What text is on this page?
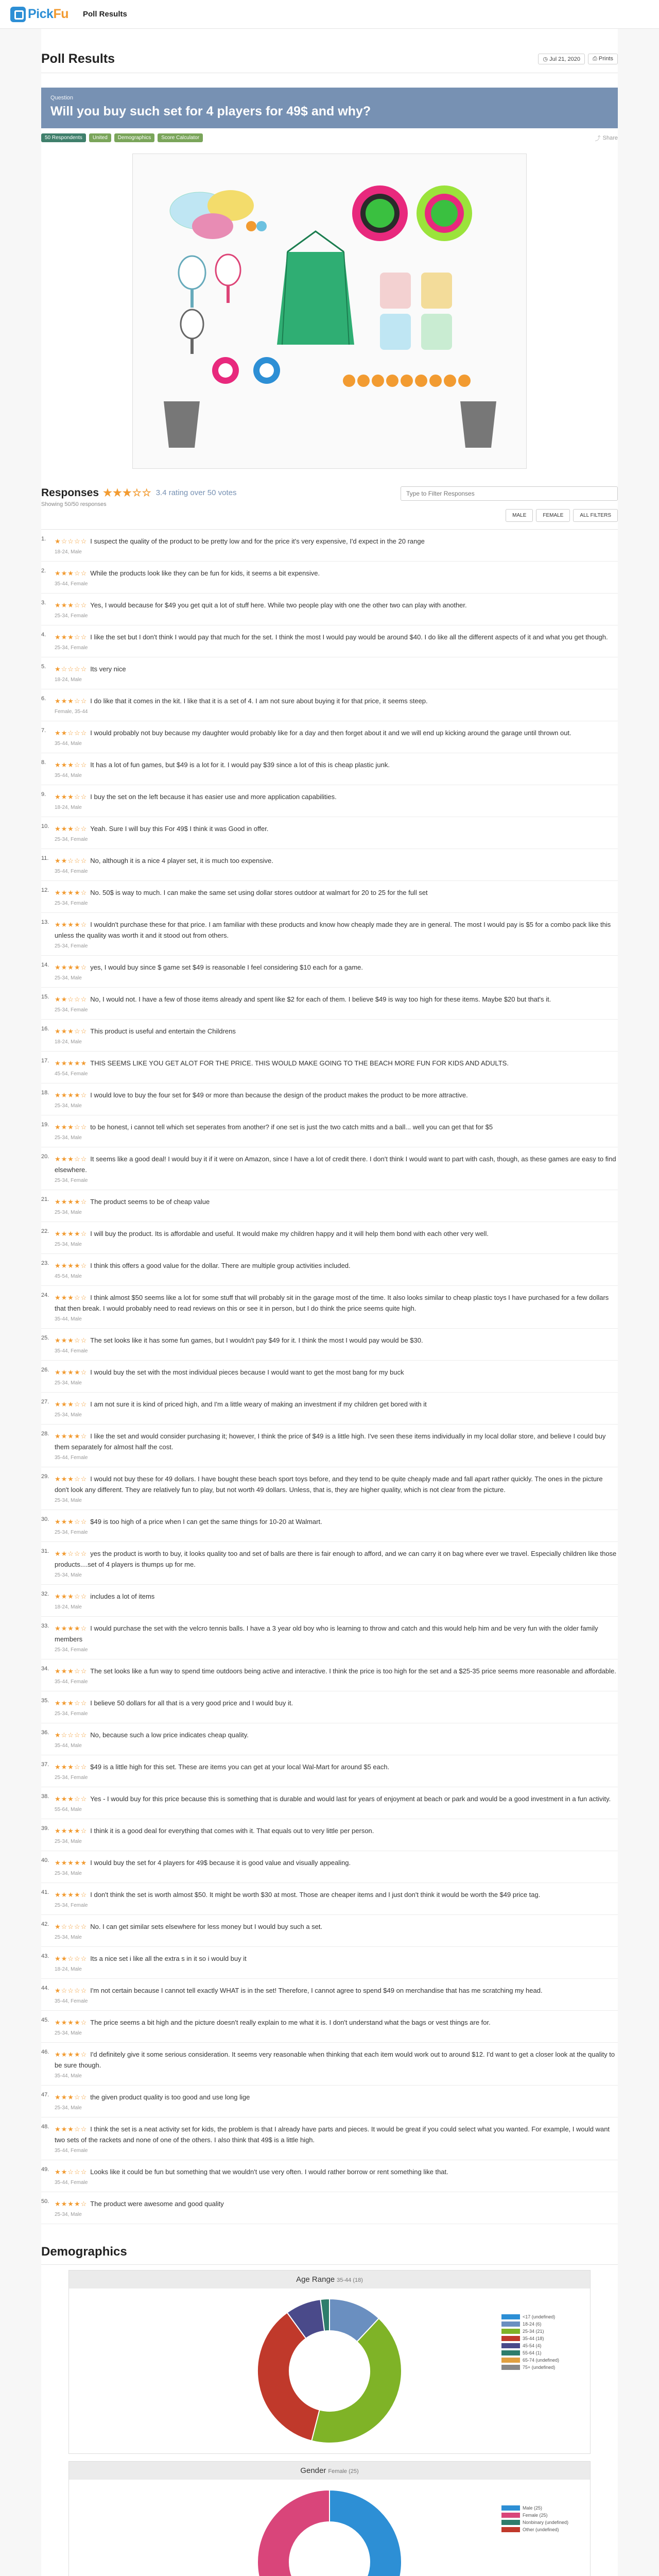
PickFu Poll Results
Poll Results	◷ Jul 21, 2020	⎙ Prints
Question
Will you buy such set for 4 players for 49$ and why?
50 Respondents	United	Demographics	Score Calculator	⤴ Share
Responses ★★★☆☆ 3.4 rating over 50 votes
Showing 50/50 responses
Type to Filter Responses
MALE	FEMALE	ALL FILTERS
1. ★☆☆☆☆ I suspect the quality of the product to be pretty low and for the price it's very expensive, I'd expect in the 20 range
18-24, Male
2. ★★★☆☆ While the products look like they can be fun for kids, it seems a bit expensive.
35-44, Female
3. ★★★☆☆ Yes, I would because for $49 you get quit a lot of stuff here. While two people play with one the other two can play with another.
25-34, Female
4. ★★★☆☆ I like the set but I don't think I would pay that much for the set. I think the most I would pay would be around $40. I do like all the different aspects of it and what you get though.
25-34, Female
5. ★☆☆☆☆ Its very nice
18-24, Male
6. ★★★☆☆ I do like that it comes in the kit. I like that it is a set of 4. I am not sure about buying it for that price, it seems steep.
Female, 35-44
7. ★★☆☆☆ I would probably not buy because my daughter would probably like for a day and then forget about it and we will end up kicking around the garage until thrown out.
35-44, Male
8. ★★★☆☆ It has a lot of fun games, but $49 is a lot for it. I would pay $39 since a lot of this is cheap plastic junk.
35-44, Male
9. ★★★☆☆ I buy the set on the left because it has easier use and more application capabilities.
18-24, Male
10. ★★★☆☆ Yeah. Sure I will buy this For 49$ I think it was Good in offer.
25-34, Female
11. ★★☆☆☆ No, although it is a nice 4 player set, it is much too expensive.
35-44, Female
12. ★★★★☆ No. 50$ is way to much. I can make the same set using dollar stores outdoor at walmart for 20 to 25 for the full set
25-34, Female
13. ★★★★☆ I wouldn't purchase these for that price. I am familiar with these products and know how cheaply made they are in general. The most I would pay is $5 for a combo pack like this unless the quality was worth it and it stood out from others.
25-34, Female
14. ★★★★☆ yes, I would buy since $ game set $49 is reasonable I feel considering $10 each for a game.
25-34, Male
15. ★★☆☆☆ No, I would not. I have a few of those items already and spent like $2 for each of them. I believe $49 is way too high for these items. Maybe $20 but that's it.
25-34, Female
16. ★★★☆☆ This product is useful and entertain the Childrens
18-24, Male
17. ★★★★★ THIS SEEMS LIKE YOU GET ALOT FOR THE PRICE. THIS WOULD MAKE GOING TO THE BEACH MORE FUN FOR KIDS AND ADULTS.
45-54, Female
18. ★★★★☆ I would love to buy the four set for $49 or more than because the design of the product makes the product to be more attractive.
25-34, Male
19. ★★★☆☆ to be honest, i cannot tell which set seperates from another? if one set is just the two catch mitts and a ball... well you can get that for $5
25-34, Male
20. ★★★☆☆ It seems like a good deal! I would buy it if it were on Amazon, since I have a lot of credit there. I don't think I would want to part with cash, though, as these games are easy to find elsewhere.
25-34, Female
21. ★★★★☆ The product seems to be of cheap value
25-34, Male
22. ★★★★☆ I will buy the product. Its is affordable and useful. It would make my children happy and it will help them bond with each other very well.
25-34, Male
23. ★★★★☆ I think this offers a good value for the dollar. There are multiple group activities included.
45-54, Male
24. ★★★☆☆ I think almost $50 seems like a lot for some stuff that will probably sit in the garage most of the time. It also looks similar to cheap plastic toys I have purchased for a few dollars that then break. I would probably need to read reviews on this or see it in person, but I do think the price seems quite high.
35-44, Male
25. ★★★☆☆ The set looks like it has some fun games, but I wouldn't pay $49 for it. I think the most I would pay would be $30.
35-44, Female
26. ★★★★☆ I would buy the set with the most individual pieces because I would want to get the most bang for my buck
25-34, Male
27. ★★★☆☆ I am not sure it is kind of priced high, and I'm a little weary of making an investment if my children get bored with it
25-34, Male
28. ★★★★☆ I like the set and would consider purchasing it; however, I think the price of $49 is a little high. I've seen these items individually in my local dollar store, and believe I could buy them separately for almost half the cost.
35-44, Female
29. ★★★☆☆ I would not buy these for 49 dollars. I have bought these beach sport toys before, and they tend to be quite cheaply made and fall apart rather quickly. The ones in the picture don't look any different. They are relatively fun to play, but not worth 49 dollars. Unless, that is, they are higher quality, which is not clear from the picture.
25-34, Male
30. ★★★☆☆ $49 is too high of a price when I can get the same things for 10-20 at Walmart.
25-34, Female
31. ★★☆☆☆ yes the product is worth to buy, it looks quality too and set of balls are there is fair enough to afford, and we can carry it on bag where ever we travel. Especially children like those products....set of 4 players is thumps up for me.
25-34, Male
32. ★★★☆☆ includes a lot of items
18-24, Male
33. ★★★★☆ I would purchase the set with the velcro tennis balls. I have a 3 year old boy who is learning to throw and catch and this would help him and be very fun with the older family members
25-34, Female
34. ★★★☆☆ The set looks like a fun way to spend time outdoors being active and interactive. I think the price is too high for the set and a $25-35 price seems more reasonable and affordable.
35-44, Female
35. ★★★☆☆ I believe 50 dollars for all that is a very good price and I would buy it.
25-34, Female
36. ★☆☆☆☆ No, because such a low price indicates cheap quality.
35-44, Male
37. ★★★☆☆ $49 is a little high for this set. These are items you can get at your local Wal-Mart for around $5 each.
25-34, Female
38. ★★★☆☆ Yes - I would buy for this price because this is something that is durable and would last for years of enjoyment at beach or park and would be a good investment in a fun activity.
55-64, Male
39. ★★★★☆ I think it is a good deal for everything that comes with it. That equals out to very little per person.
25-34, Male
40. ★★★★★ I would buy the set for 4 players for 49$ because it is good value and visually appealing.
25-34, Male
41. ★★★★☆ I don't think the set is worth almost $50. It might be worth $30 at most. Those are cheaper items and I just don't think it would be worth the $49 price tag.
25-34, Female
42. ★☆☆☆☆ No. I can get similar sets elsewhere for less money but I would buy such a set.
25-34, Male
43. ★★☆☆☆ Its a nice set i like all the extra s in it so i would buy it
18-24, Male
44. ★☆☆☆☆ I'm not certain because I cannot tell exactly WHAT is in the set! Therefore, I cannot agree to spend $49 on merchandise that has me scratching my head.
35-44, Female
45. ★★★★☆ The price seems a bit high and the picture doesn't really explain to me what it is. I don't understand what the bags or vest things are for.
25-34, Male
46. ★★★★☆ I'd definitely give it some serious consideration. It seems very reasonable when thinking that each item would work out to around $12. I'd want to get a closer look at the quality to be sure though.
35-44, Male
47. ★★★☆☆ the given product quality is too good and use long lige
25-34, Male
48. ★★★☆☆ I think the set is a neat activity set for kids, the problem is that I already have parts and pieces. It would be great if you could select what you wanted. For example, I would want two sets of the rackets and none of one of the others. I also think that 49$ is a little high.
35-44, Female
49. ★★☆☆☆ Looks like it could be fun but something that we wouldn't use very often. I would rather borrow or rent something like that.
35-44, Female
50. ★★★★☆ The product were awesome and good quality
25-34, Male
Demographics
Age Range 35-44 (18)
<17 (undefined)
18-24 (6)
25-34 (21)
35-44 (18)
45-54 (4)
55-64 (1)
65-74 (undefined)
75+ (undefined)
Gender Female (25)
Male (25)
Female (25)
Nonbinary (undefined)
Other (undefined)
